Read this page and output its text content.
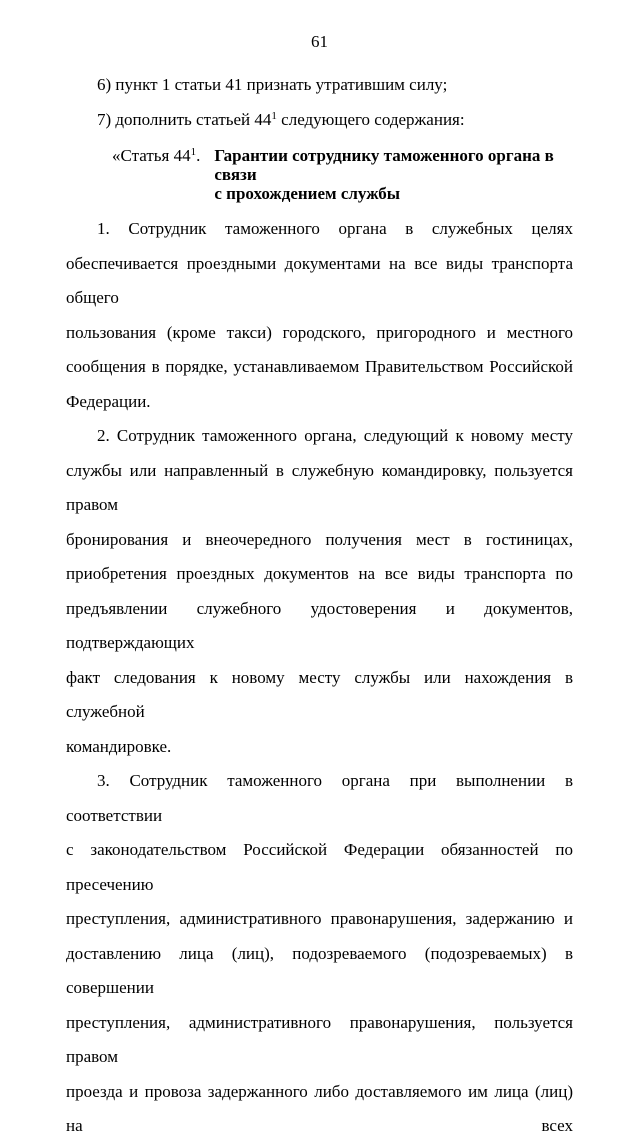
61
6) пункт 1 статьи 41 признать утратившим силу;
7) дополнить статьей $44^1$ следующего содержания:
«Статья $44^1$. Гарантии сотруднику таможенного органа в связи
с прохождением службы
1. Сотрудник таможенного органа в служебных целях
обеспечивается проездными документами на все виды транспорта общего
пользования (кроме такси) городского, пригородного и местного
сообщения в порядке, устанавливаемом Правительством Российской
Федерации.
2. Сотрудник таможенного органа, следующий к новому месту
службы или направленный в служебную командировку, пользуется правом
бронирования и внеочередного получения мест в гостиницах,
приобретения проездных документов на все виды транспорта по
предъявлении служебного удостоверения и документов, подтверждающих
факт следования к новому месту службы или нахождения в служебной
командировке.
3. Сотрудник таможенного органа при выполнении в соответствии
с законодательством Российской Федерации обязанностей по пресечению
преступления, административного правонарушения, задержанию и
доставлению лица (лиц), подозреваемого (подозреваемых) в совершении
преступления, административного правонарушения, пользуется правом
проезда и провоза задержанного либо доставляемого им лица (лиц) на всех
